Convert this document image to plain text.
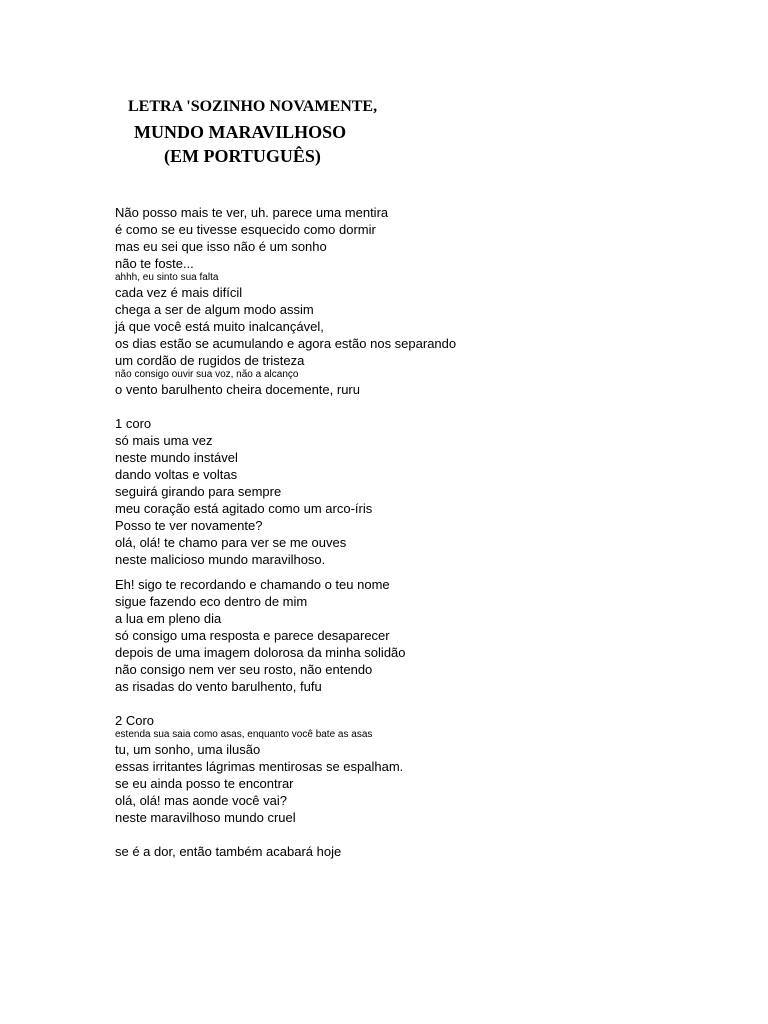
LETRA 'SOZINHO NOVAMENTE,
MUNDO MARAVILHOSO
(EM PORTUGUÊS)
Não posso mais te ver, uh. parece uma mentira
é como se eu tivesse esquecido como dormir
mas eu sei que isso não é um sonho
não te foste...
ahhh, eu sinto sua falta
cada vez é mais difícil
chega a ser de algum modo assim
já que você está muito inalcançável,
os dias estão se acumulando e agora estão nos separando
um cordão de rugidos de tristeza
não consigo ouvir sua voz, não a alcanço
o vento barulhento cheira docemente, ruru
1 coro
só mais uma vez
neste mundo instável
dando voltas e voltas
seguirá girando para sempre
meu coração está agitado como um arco-íris
Posso te ver novamente?
olá, olá! te chamo para ver se me ouves
neste malicioso mundo maravilhoso.
Eh! sigo te recordando e chamando o teu nome
sigue fazendo eco dentro de mim
a lua em pleno dia
só consigo uma resposta e parece desaparecer
depois de uma imagem dolorosa da minha solidão
não consigo nem ver seu rosto, não entendo
as risadas do vento barulhento, fufu
2 Coro
estenda sua saia como asas, enquanto você bate as asas
tu, um sonho, uma ilusão
essas irritantes lágrimas mentirosas se espalham.
se eu ainda posso te encontrar
olá, olá! mas aonde você vai?
neste maravilhoso mundo cruel
se é a dor, então também acabará hoje
